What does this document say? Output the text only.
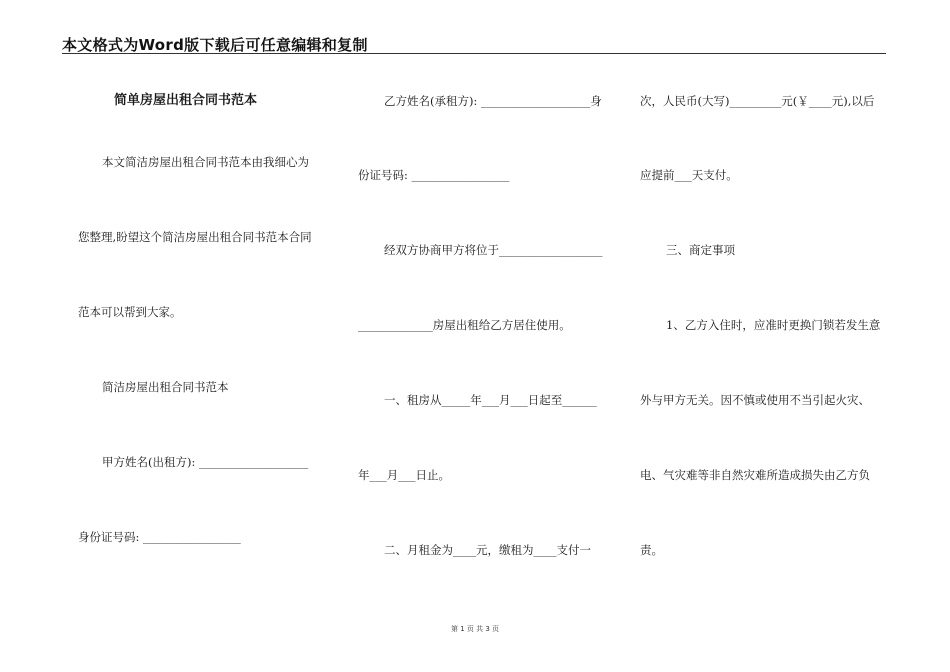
本文格式为Word版下载后可任意编辑和复制
简单房屋出租合同书范本
本文简洁房屋出租合同书范本由我细心为
您整理,盼望这个简洁房屋出租合同书范本合同
范本可以帮到大家。
简洁房屋出租合同书范本
甲方姓名(出租方): ___________________
身份证号码: _________________
乙方姓名(承租方): ___________________身
份证号码: _________________
经双方协商甲方将位于__________________
_____________房屋出租给乙方居住使用。
一、租房从_____年___月___日起至______
年___月___日止。
二、月租金为____元，缴租为____支付一
次，人民币(大写)_________元(￥____元),以后
应提前___天支付。
三、商定事项
1、乙方入住时，应准时更换门锁若发生意
外与甲方无关。因不慎或使用不当引起火灾、
电、气灾难等非自然灾难所造成损失由乙方负
责。
第 1 页 共 3 页
